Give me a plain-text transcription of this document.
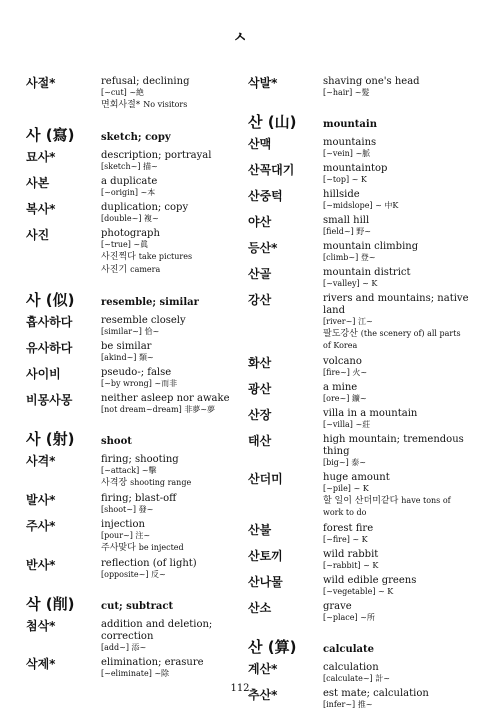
ㅅ
사절*	refusal; declining
[~cut] ~絶
면회사절* No visitors
사 (寫)	sketch; copy
묘사*	description; portrayal
[sketch~] 描~
사본	a duplicate
[~origin] ~本
복사*	duplication; copy
[double~] 複~
사진	photograph
[~true] ~眞
사진찍다 take pictures
사진기 camera
사 (似)	resemble; similar
흡사하다	resemble closely
[similar~] 恰~
유사하다	be similar
[akind~] 類~
사이비	pseudo-; false
[~by wrong] ~而非
비몽사몽	neither asleep nor awake
[not dream~dream] 非夢~夢
사 (射)	shoot
사격*	firing; shooting
[~attack] ~擊
사격장 shooting range
발사*	firing; blast-off
[shoot~] 發~
주사*	injection
[pour~] 注~
주사맞다 be injected
반사*	reflection (of light)
[opposite~] 反~
삭 (削)	cut; subtract
첨삭*	addition and deletion; correction
[add~] 添~
삭제*	elimination; erasure
[~eliminate] ~除
삭발*	shaving one's head
[~hair] ~髮
산 (山)	mountain
산맥	mountains
[~vein] ~脈
산꼭대기	mountaintop
[~top] ~ K
산중턱	hillside
[~midslope] ~ 中K
야산	small hill
[field~] 野~
등산*	mountain climbing
[climb~] 登~
산골	mountain district
[~valley] ~ K
강산	rivers and mountains; native land
[river~] 江~
팔도강산 (the scenery of) all parts of Korea
화산	volcano
[fire~] 火~
광산	a mine
[ore~] 鑛~
산장	villa in a mountain
[~villa] ~莊
태산	high mountain; tremendous thing
[big~] 泰~
산더미	huge amount
[~pile] ~ K
할 일이 산더미같다 have tons of work to do
산불	forest fire
[~fire] ~ K
산토끼	wild rabbit
[~rabbit] ~ K
산나물	wild edible greens
[~vegetable] ~ K
산소	grave
[~place] ~所
산 (算)	calculate
계산*	calculation
[calculate~] 計~
추산*	est mate; calculation
[infer~] 推~
112
